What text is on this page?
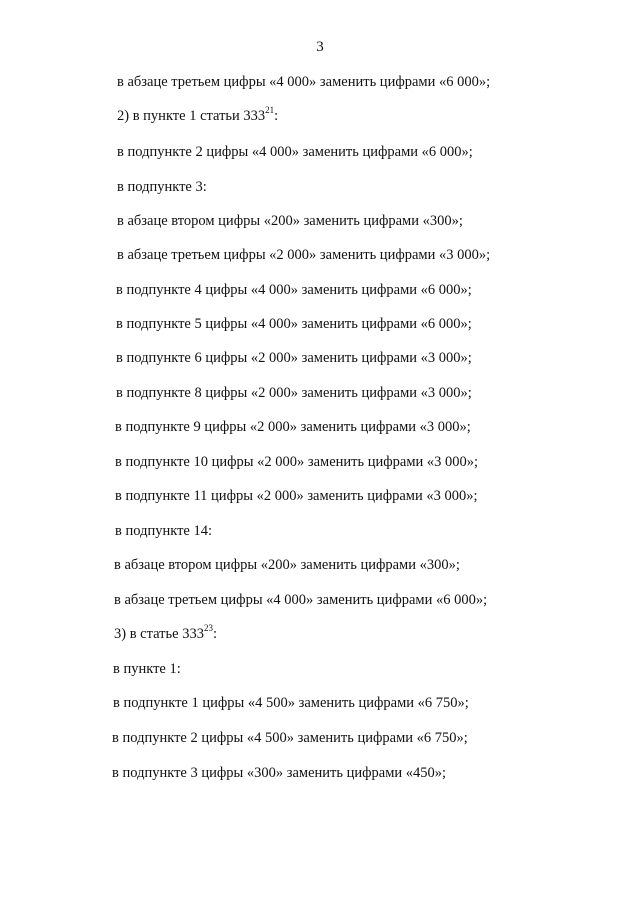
3
в абзаце третьем цифры «4 000» заменить цифрами «6 000»;
2) в пункте 1 статьи $333^{21}$:
в подпункте 2 цифры «4 000» заменить цифрами «6 000»;
в подпункте 3:
в абзаце втором цифры «200» заменить цифрами «300»;
в абзаце третьем цифры «2 000» заменить цифрами «3 000»;
в подпункте 4 цифры «4 000» заменить цифрами «6 000»;
в подпункте 5 цифры «4 000» заменить цифрами «6 000»;
в подпункте 6 цифры «2 000» заменить цифрами «3 000»;
в подпункте 8 цифры «2 000» заменить цифрами «3 000»;
в подпункте 9 цифры «2 000» заменить цифрами «3 000»;
в подпункте 10 цифры «2 000» заменить цифрами «3 000»;
в подпункте 11 цифры «2 000» заменить цифрами «3 000»;
в подпункте 14:
в абзаце втором цифры «200» заменить цифрами «300»;
в абзаце третьем цифры «4 000» заменить цифрами «6 000»;
3) в статье $333^{23}$:
в пункте 1:
в подпункте 1 цифры «4 500» заменить цифрами «6 750»;
в подпункте 2 цифры «4 500» заменить цифрами «6 750»;
в подпункте 3 цифры «300» заменить цифрами «450»;
